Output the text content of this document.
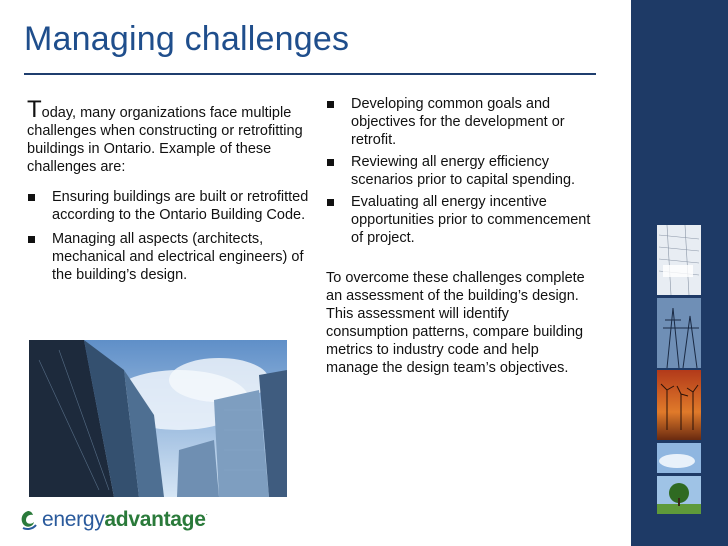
Managing challenges
Today, many organizations face multiple challenges when constructing or retrofitting buildings in Ontario. Example of these challenges are:
Ensuring buildings are built or retrofitted according to the Ontario Building Code.
Managing all aspects (architects, mechanical and electrical engineers) of the building’s design.
Developing common goals and objectives for the development or retrofit.
Reviewing all energy efficiency scenarios prior to capital spending.
Evaluating all energy incentive opportunities prior to commencement of project.

To overcome these challenges complete an assessment of the building’s design. This assessment will identify consumption patterns, compare building metrics to industry code and help manage the design team’s objectives.

energyadvantage.
